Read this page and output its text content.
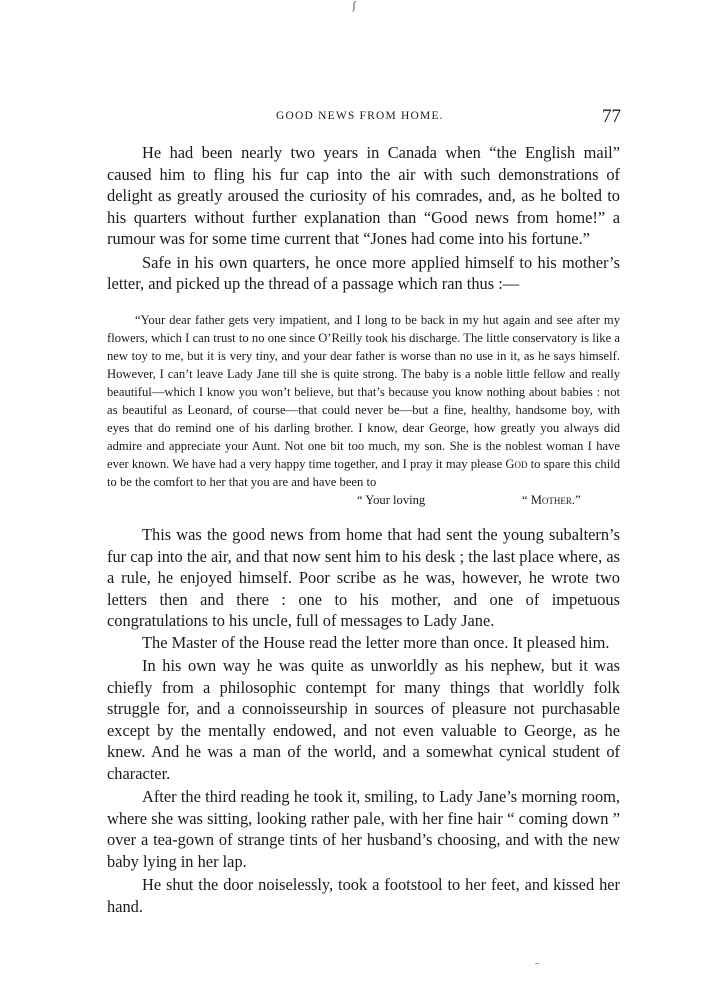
ʃ
GOOD NEWS FROM HOME.	77

He had been nearly two years in Canada when “the English mail” caused him to fling his fur cap into the air with such demonstrations of delight as greatly aroused the curiosity of his comrades, and, as he bolted to his quarters without further explanation than “Good news from home!” a rumour was for some time current that “Jones had come into his fortune.”

Safe in his own quarters, he once more applied himself to his mother’s letter, and picked up the thread of a passage which ran thus :—

“Your dear father gets very impatient, and I long to be back in my hut again and see after my flowers, which I can trust to no one since O’Reilly took his discharge. The little conservatory is like a new toy to me, but it is very tiny, and your dear father is worse than no use in it, as he says himself. However, I can’t leave Lady Jane till she is quite strong. The baby is a noble little fellow and really beautiful—which I know you won’t believe, but that’s because you know nothing about babies : not as beautiful as Leonard, of course—that could never be—but a fine, healthy, handsome boy, with eyes that do remind one of his darling brother. I know, dear George, how greatly you always did admire and appreciate your Aunt. Not one bit too much, my son. She is the noblest woman I have ever known. We have had a very happy time together, and I pray it may please God to spare this child to be the comfort to her that you are and have been to

“ Your loving	“ Mother.”

This was the good news from home that had sent the young subaltern’s fur cap into the air, and that now sent him to his desk ; the last place where, as a rule, he enjoyed himself. Poor scribe as he was, however, he wrote two letters then and there : one to his mother, and one of impetuous congratulations to his uncle, full of messages to Lady Jane.

The Master of the House read the letter more than once. It pleased him.

In his own way he was quite as unworldly as his nephew, but it was chiefly from a philosophic contempt for many things that worldly folk struggle for, and a connoisseurship in sources of pleasure not purchasable except by the mentally endowed, and not even valuable to George, as he knew. And he was a man of the world, and a somewhat cynical student of character.

After the third reading he took it, smiling, to Lady Jane’s morning room, where she was sitting, looking rather pale, with her fine hair “ coming down ” over a tea-gown of strange tints of her husband’s choosing, and with the new baby lying in her lap.

He shut the door noiselessly, took a footstool to her feet, and kissed her hand.

ˍ
